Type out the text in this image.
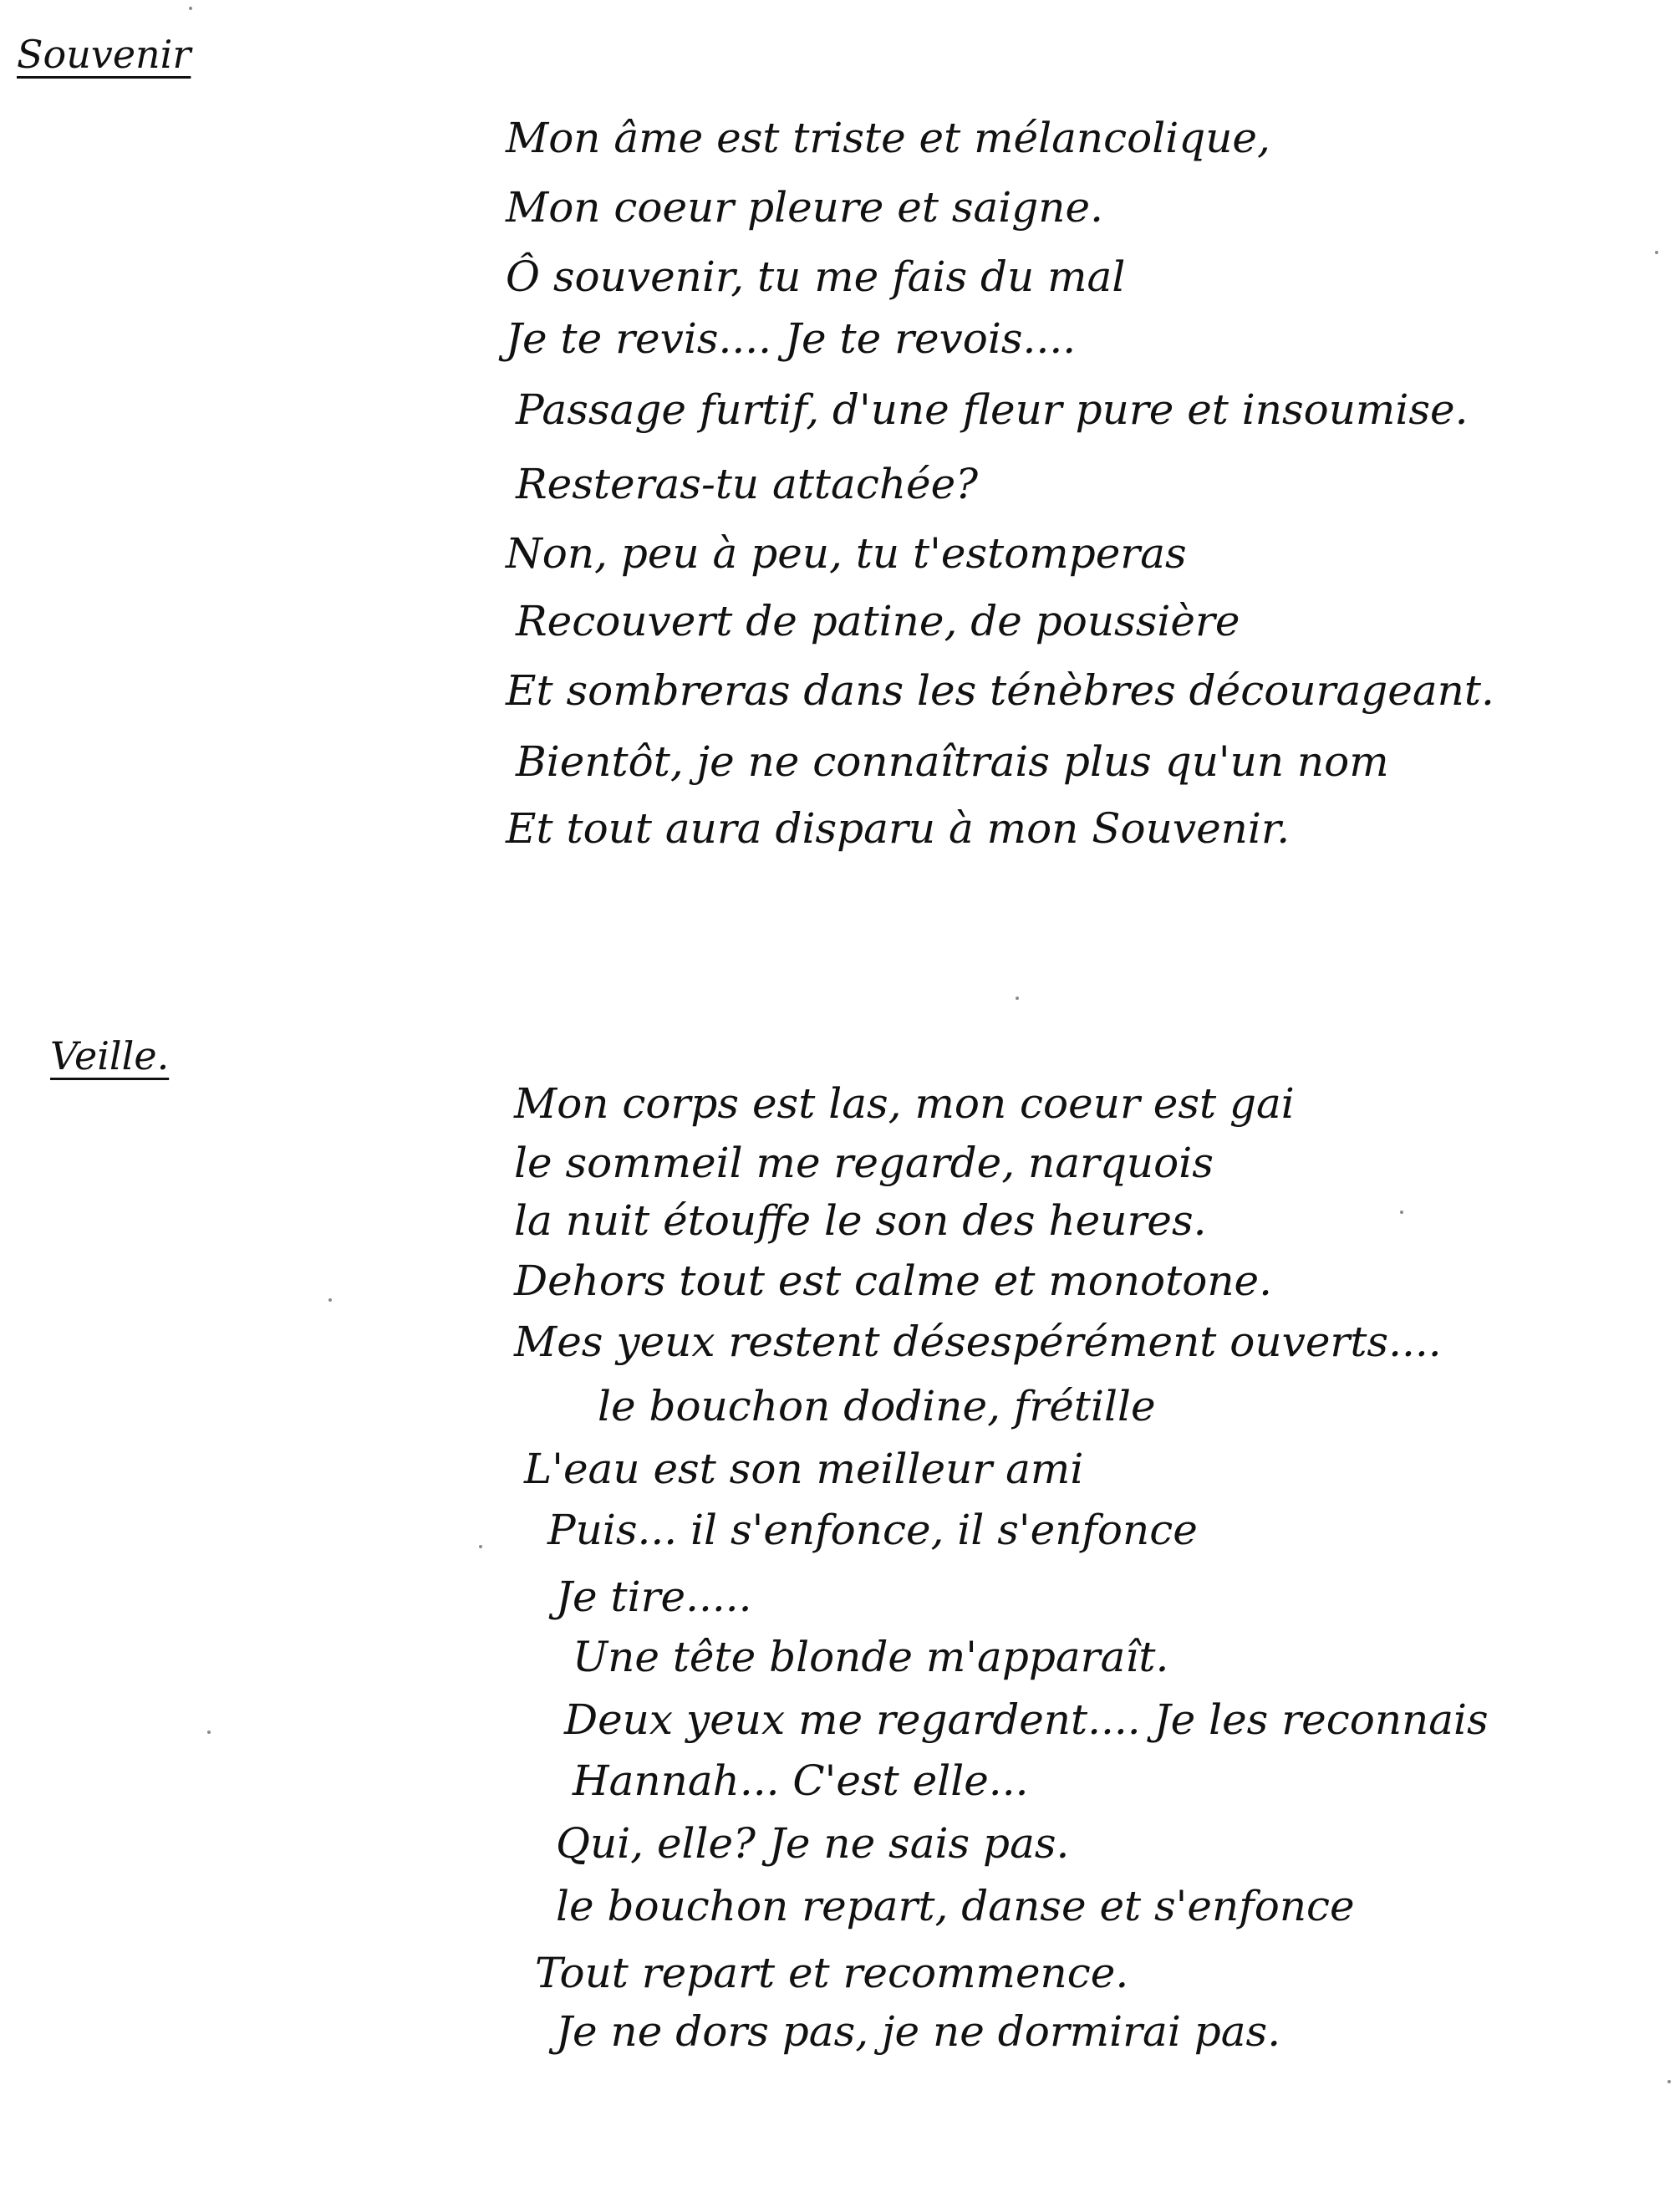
Souvenir
Mon âme est triste et mélancolique,
Mon coeur pleure et saigne.
Ô souvenir, tu me fais du mal
Je te revis.... Je te revois....
Passage furtif, d'une fleur pure et insoumise.
Resteras-tu attachée?
Non, peu à peu, tu t'estomperas
Recouvert de patine, de poussière
Et sombreras dans les ténèbres décourageant.
Bientôt, je ne connaîtrais plus qu'un nom
Et tout aura disparu à mon Souvenir.
Veille.
Mon corps est las, mon coeur est gai
le sommeil me regarde, narquois
la nuit étouffe le son des heures.
Dehors tout est calme et monotone.
Mes yeux restent désespérément ouverts....
le bouchon dodine, frétille
L'eau est son meilleur ami
Puis... il s'enfonce, il s'enfonce
Je tire.....
Une tête blonde m'apparaît.
Deux yeux me regardent.... Je les reconnais
Hannah... C'est elle...
Qui, elle? Je ne sais pas.
le bouchon repart, danse et s'enfonce
Tout repart et recommence.
Je ne dors pas, je ne dormirai pas.
